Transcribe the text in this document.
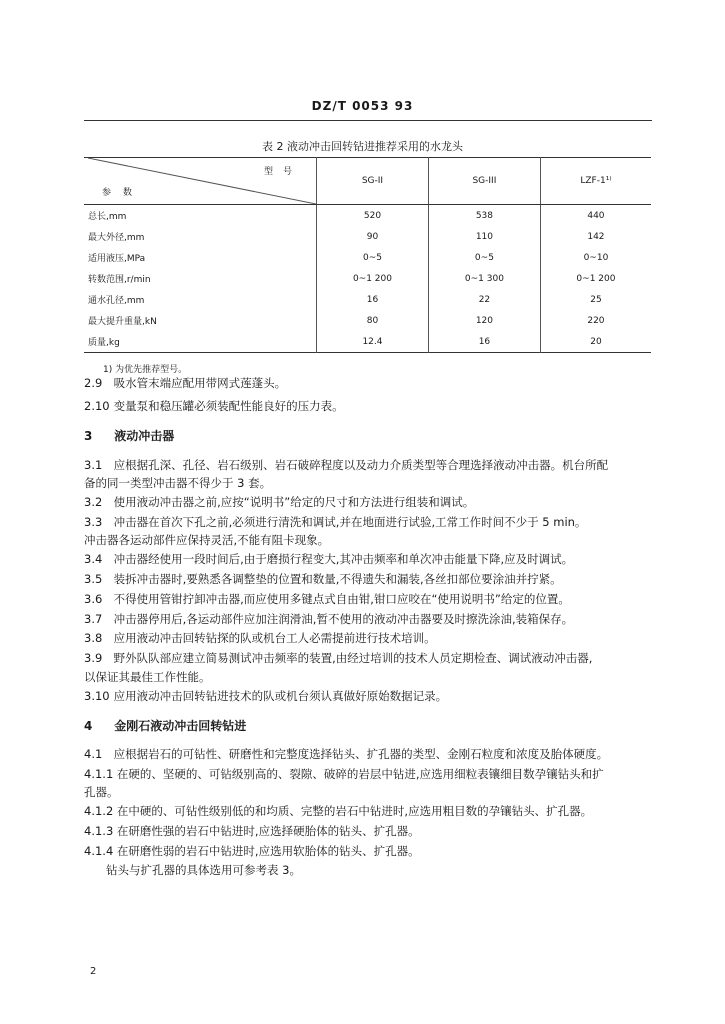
DZ/T 0053 93
表 2 液动冲击回转钻进推荐采用的水龙头
型号
参数	SG-II	SG-III	LZF-1¹⁾
总长,mm	520	538	440
最大外径,mm	90	110	142
适用液压,MPa	0~5	0~5	0~10
转数范围,r/min	0~1 200	0~1 300	0~1 200
通水孔径,mm	16	22	25
最大提升重量,kN	80	120	220
质量,kg	12.4	16	20
1) 为优先推荐型号。
2.9 吸水管末端应配用带网式莲蓬头。
2.10 变量泵和稳压罐必须装配性能良好的压力表。
3 液动冲击器
3.1 应根据孔深、孔径、岩石级别、岩石破碎程度以及动力介质类型等合理选择液动冲击器。机台所配
备的同一类型冲击器不得少于 3 套。
3.2 使用液动冲击器之前,应按“说明书”给定的尺寸和方法进行组装和调试。
3.3 冲击器在首次下孔之前,必须进行清洗和调试,并在地面进行试验,工常工作时间不少于 5 min。
冲击器各运动部件应保持灵活,不能有阻卡现象。
3.4 冲击器经使用一段时间后,由于磨损行程变大,其冲击频率和单次冲击能量下降,应及时调试。
3.5 装拆冲击器时,要熟悉各调整垫的位置和数量,不得遗失和漏装,各丝扣部位要涂油并拧紧。
3.6 不得使用管钳拧卸冲击器,而应使用多键点式自由钳,钳口应咬在“使用说明书”给定的位置。
3.7 冲击器停用后,各运动部件应加注润滑油,暂不使用的液动冲击器要及时擦洗涂油,装箱保存。
3.8 应用液动冲击回转钻探的队或机台工人必需提前进行技术培训。
3.9 野外队队部应建立简易测试冲击频率的装置,由经过培训的技术人员定期检查、调试液动冲击器,
以保证其最佳工作性能。
3.10 应用液动冲击回转钻进技术的队或机台须认真做好原始数据记录。
4 金刚石液动冲击回转钻进
4.1 应根据岩石的可钻性、研磨性和完整度选择钻头、扩孔器的类型、金刚石粒度和浓度及胎体硬度。
4.1.1 在硬的、坚硬的、可钻级别高的、裂隙、破碎的岩层中钻进,应选用细粒表镶细目数孕镶钻头和扩
孔器。
4.1.2 在中硬的、可钻性级别低的和均质、完整的岩石中钻进时,应选用粗目数的孕镶钻头、扩孔器。
4.1.3 在研磨性强的岩石中钻进时,应选择硬胎体的钻头、扩孔器。
4.1.4 在研磨性弱的岩石中钻进时,应选用软胎体的钻头、扩孔器。
钻头与扩孔器的具体选用可参考表 3。
2
